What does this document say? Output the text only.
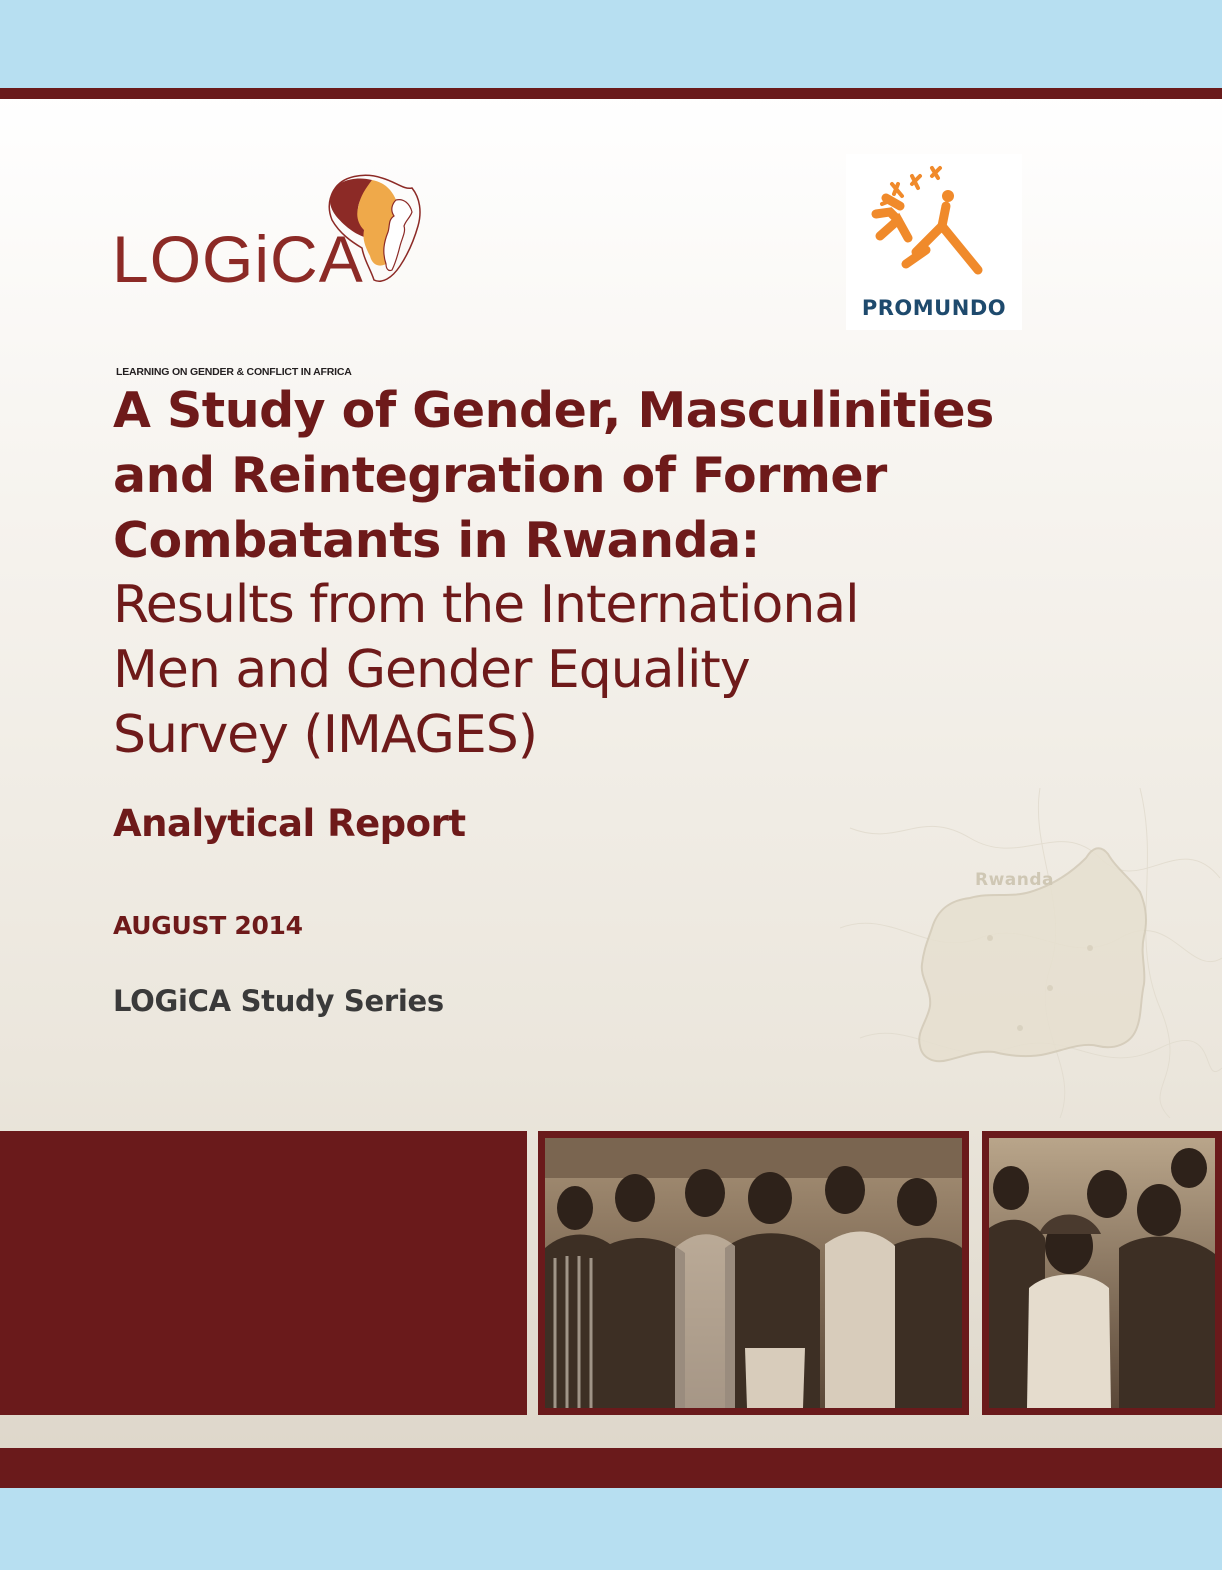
LOGiCA
LEARNING ON GENDER & CONFLICT IN AFRICA
PROMUNDO

A Study of Gender, Masculinities

and Reintegration of Former

Combatants in Rwanda:

Results from the International

Men and Gender Equality

Survey (IMAGES)

Analytical Report
AUGUST 2014
LOGiCA Study Series
Rwanda
